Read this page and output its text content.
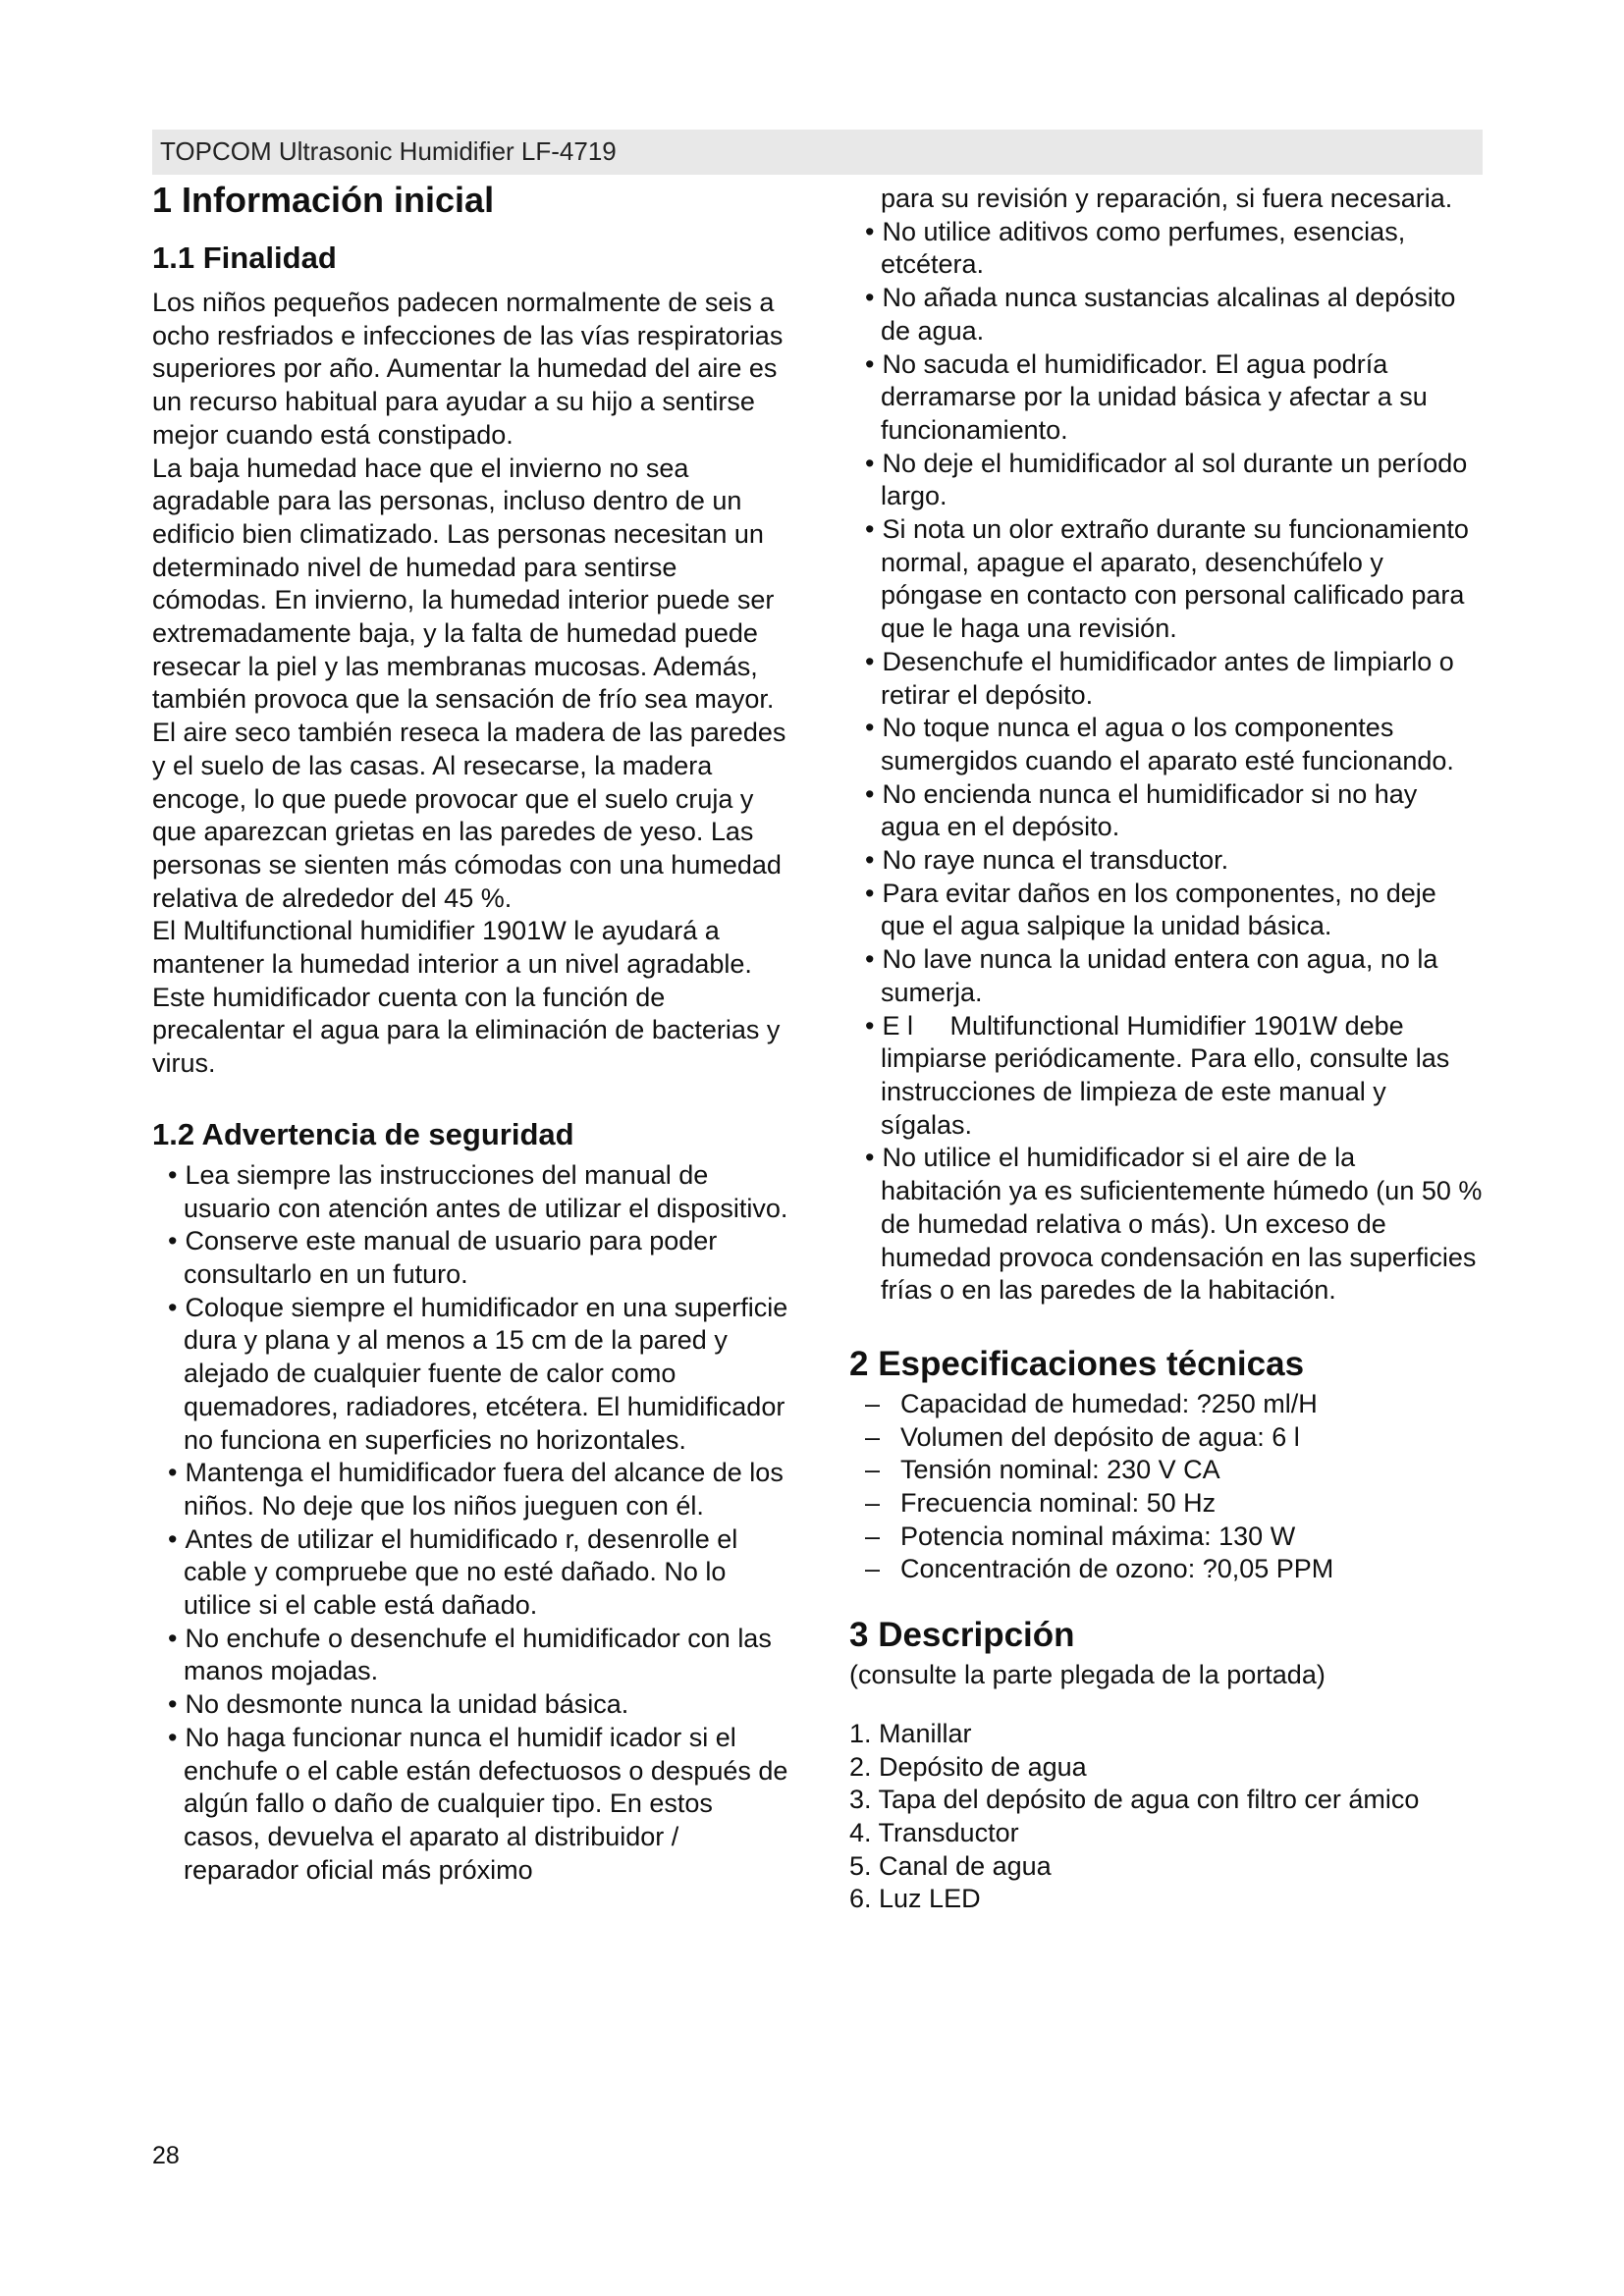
TOPCOM Ultrasonic Humidifier LF-4719
1 Información inicial
1.1 Finalidad

Los niños pequeños padecen normalmente de seis a ocho resfriados e infecciones de las vías respiratorias superiores por año. Aumentar la humedad del aire es un recurso habitual para ayudar a su hijo a sentirse mejor cuando está constipado.

La baja humedad hace que el invierno no sea agradable para las personas, incluso dentro de un edificio bien climatizado. Las personas necesitan un determinado nivel de humedad para sentirse cómodas. En invierno, la humedad interior puede ser extremadamente baja, y la falta de humedad puede resecar la piel y las membranas mucosas. Además, también provoca que la sensación de frío sea mayor. El aire seco también reseca la madera de las paredes y el suelo de las casas. Al resecarse, la madera encoge, lo que puede provocar que el suelo cruja y que aparezcan grietas en las paredes de yeso. Las personas se sienten más cómodas con una humedad relativa de alrededor del 45 %.

El Multifunctional humidifier 1901W le ayudará a mantener la humedad interior a un nivel agradable.

Este humidificador cuenta con la función de precalentar el agua para la eliminación de bacterias y virus.

1.2 Advertencia de seguridad
• Lea siempre las instrucciones del manual de usuario con atención antes de utilizar el dispositivo.
• Conserve este manual de usuario para poder consultarlo en un futuro.
• Coloque siempre el humidificador en una superficie dura y plana y al menos a 15 cm de la pared y alejado de cualquier fuente de calor como quemadores, radiadores, etcétera. El humidificador no funciona en superficies no horizontales.
• Mantenga el humidificador fuera del alcance de los niños. No deje que los niños jueguen con él.
• Antes de utilizar el humidificado r, desenrolle el cable y compruebe que no esté dañado. No lo utilice si el cable está dañado.
• No enchufe o desenchufe el humidificador con las manos mojadas.
• No desmonte nunca la unidad básica.
• No haga funcionar nunca el humidif icador si el enchufe o el cable están defectuosos o después de algún fallo o daño de cualquier tipo. En estos casos, devuelva el aparato al distribuidor / reparador oficial más próximo

para su revisión y reparación, si fuera necesaria.

• No utilice aditivos como perfumes, esencias, etcétera.
• No añada nunca sustancias alcalinas al depósito de agua.
• No sacuda el humidificador. El agua podría derramarse por la unidad básica y afectar a su funcionamiento.
• No deje el humidificador al sol durante un período largo.
• Si nota un olor extraño durante su funcionamiento normal, apague el aparato, desenchúfelo y póngase en contacto con personal calificado para que le haga una revisión.
• Desenchufe el humidificador antes de limpiarlo o retirar el depósito.
• No toque nunca el agua o los componentes sumergidos cuando el aparato esté funcionando.
• No encienda nunca el humidificador si no hay agua en el depósito.
• No raye nunca el transductor.
• Para evitar daños en los componentes, no deje que el agua salpique la unidad básica.
• No lave nunca la unidad entera con agua, no la sumerja.
• E l     Multifunctional Humidifier 1901W debe limpiarse periódicamente. Para ello, consulte las instrucciones de limpieza de este manual y sígalas.
• No utilice el humidificador si el aire de la habitación ya es suficientemente húmedo (un 50 % de humedad relativa o más). Un exceso de humedad provoca condensación en las superficies frías o en las paredes de la habitación.
2 Especificaciones técnicas
– Capacidad de humedad: ?250 ml/H
– Volumen del depósito de agua: 6 l
– Tensión nominal: 230 V CA
– Frecuencia nominal: 50 Hz
– Potencia nominal máxima: 130 W
– Concentración de ozono: ?0,05 PPM
3 Descripción

(consulte la parte plegada de la portada)

1. Manillar
2. Depósito de agua
3. Tapa del depósito de agua con filtro cer ámico
4. Transductor
5. Canal de agua
6. Luz LED
28
